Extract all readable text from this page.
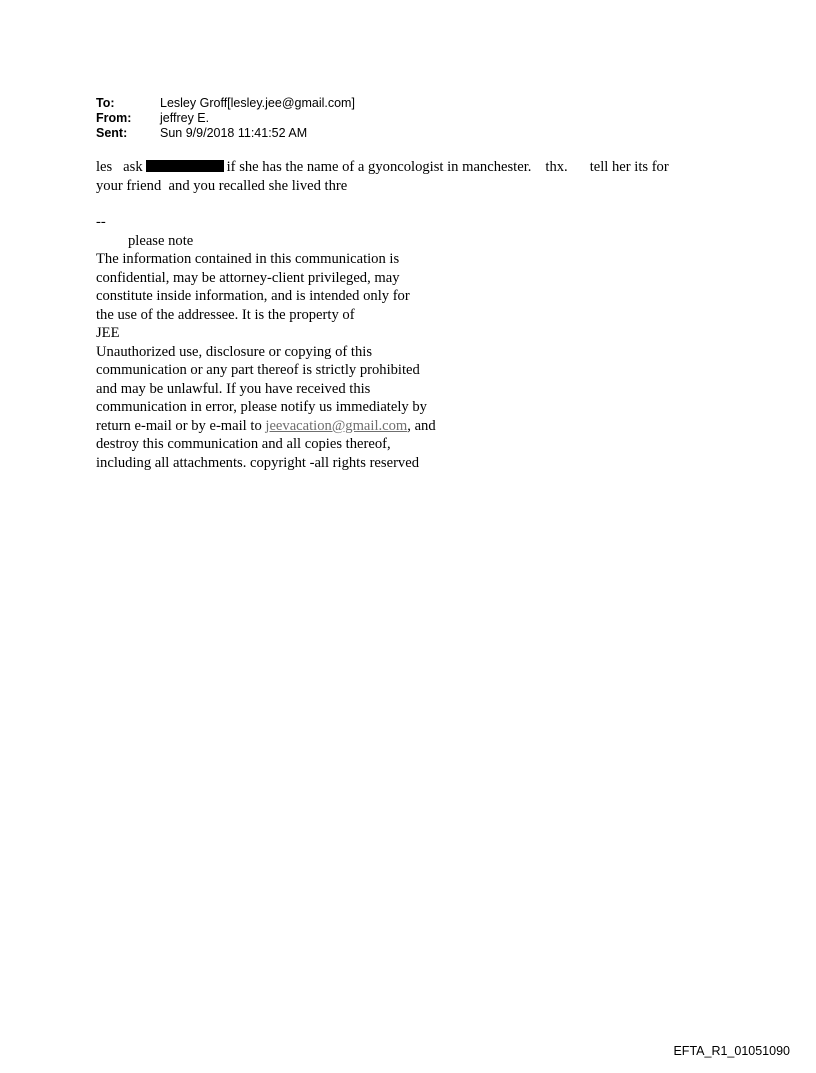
To:	Lesley Groff[lesley.jee@gmail.com]
From: jeffrey E.
Sent:	Sun 9/9/2018 11:41:52 AM
les   ask	if she has the name of a gyoncologist in manchester. thx. tell her its for
your friend  and you recalled she lived thre
--
please note
The information contained in this communication is
confidential, may be attorney-client privileged, may
constitute inside information, and is intended only for
the use of the addressee. It is the property of
JEE
Unauthorized use, disclosure or copying of this
communication or any part thereof is strictly prohibited
and may be unlawful. If you have received this
communication in error, please notify us immediately by
return e-mail or by e-mail to jeevacation@gmail.com, and
destroy this communication and all copies thereof,
including all attachments. copyright -all rights reserved
EFTA_R1_01051090
